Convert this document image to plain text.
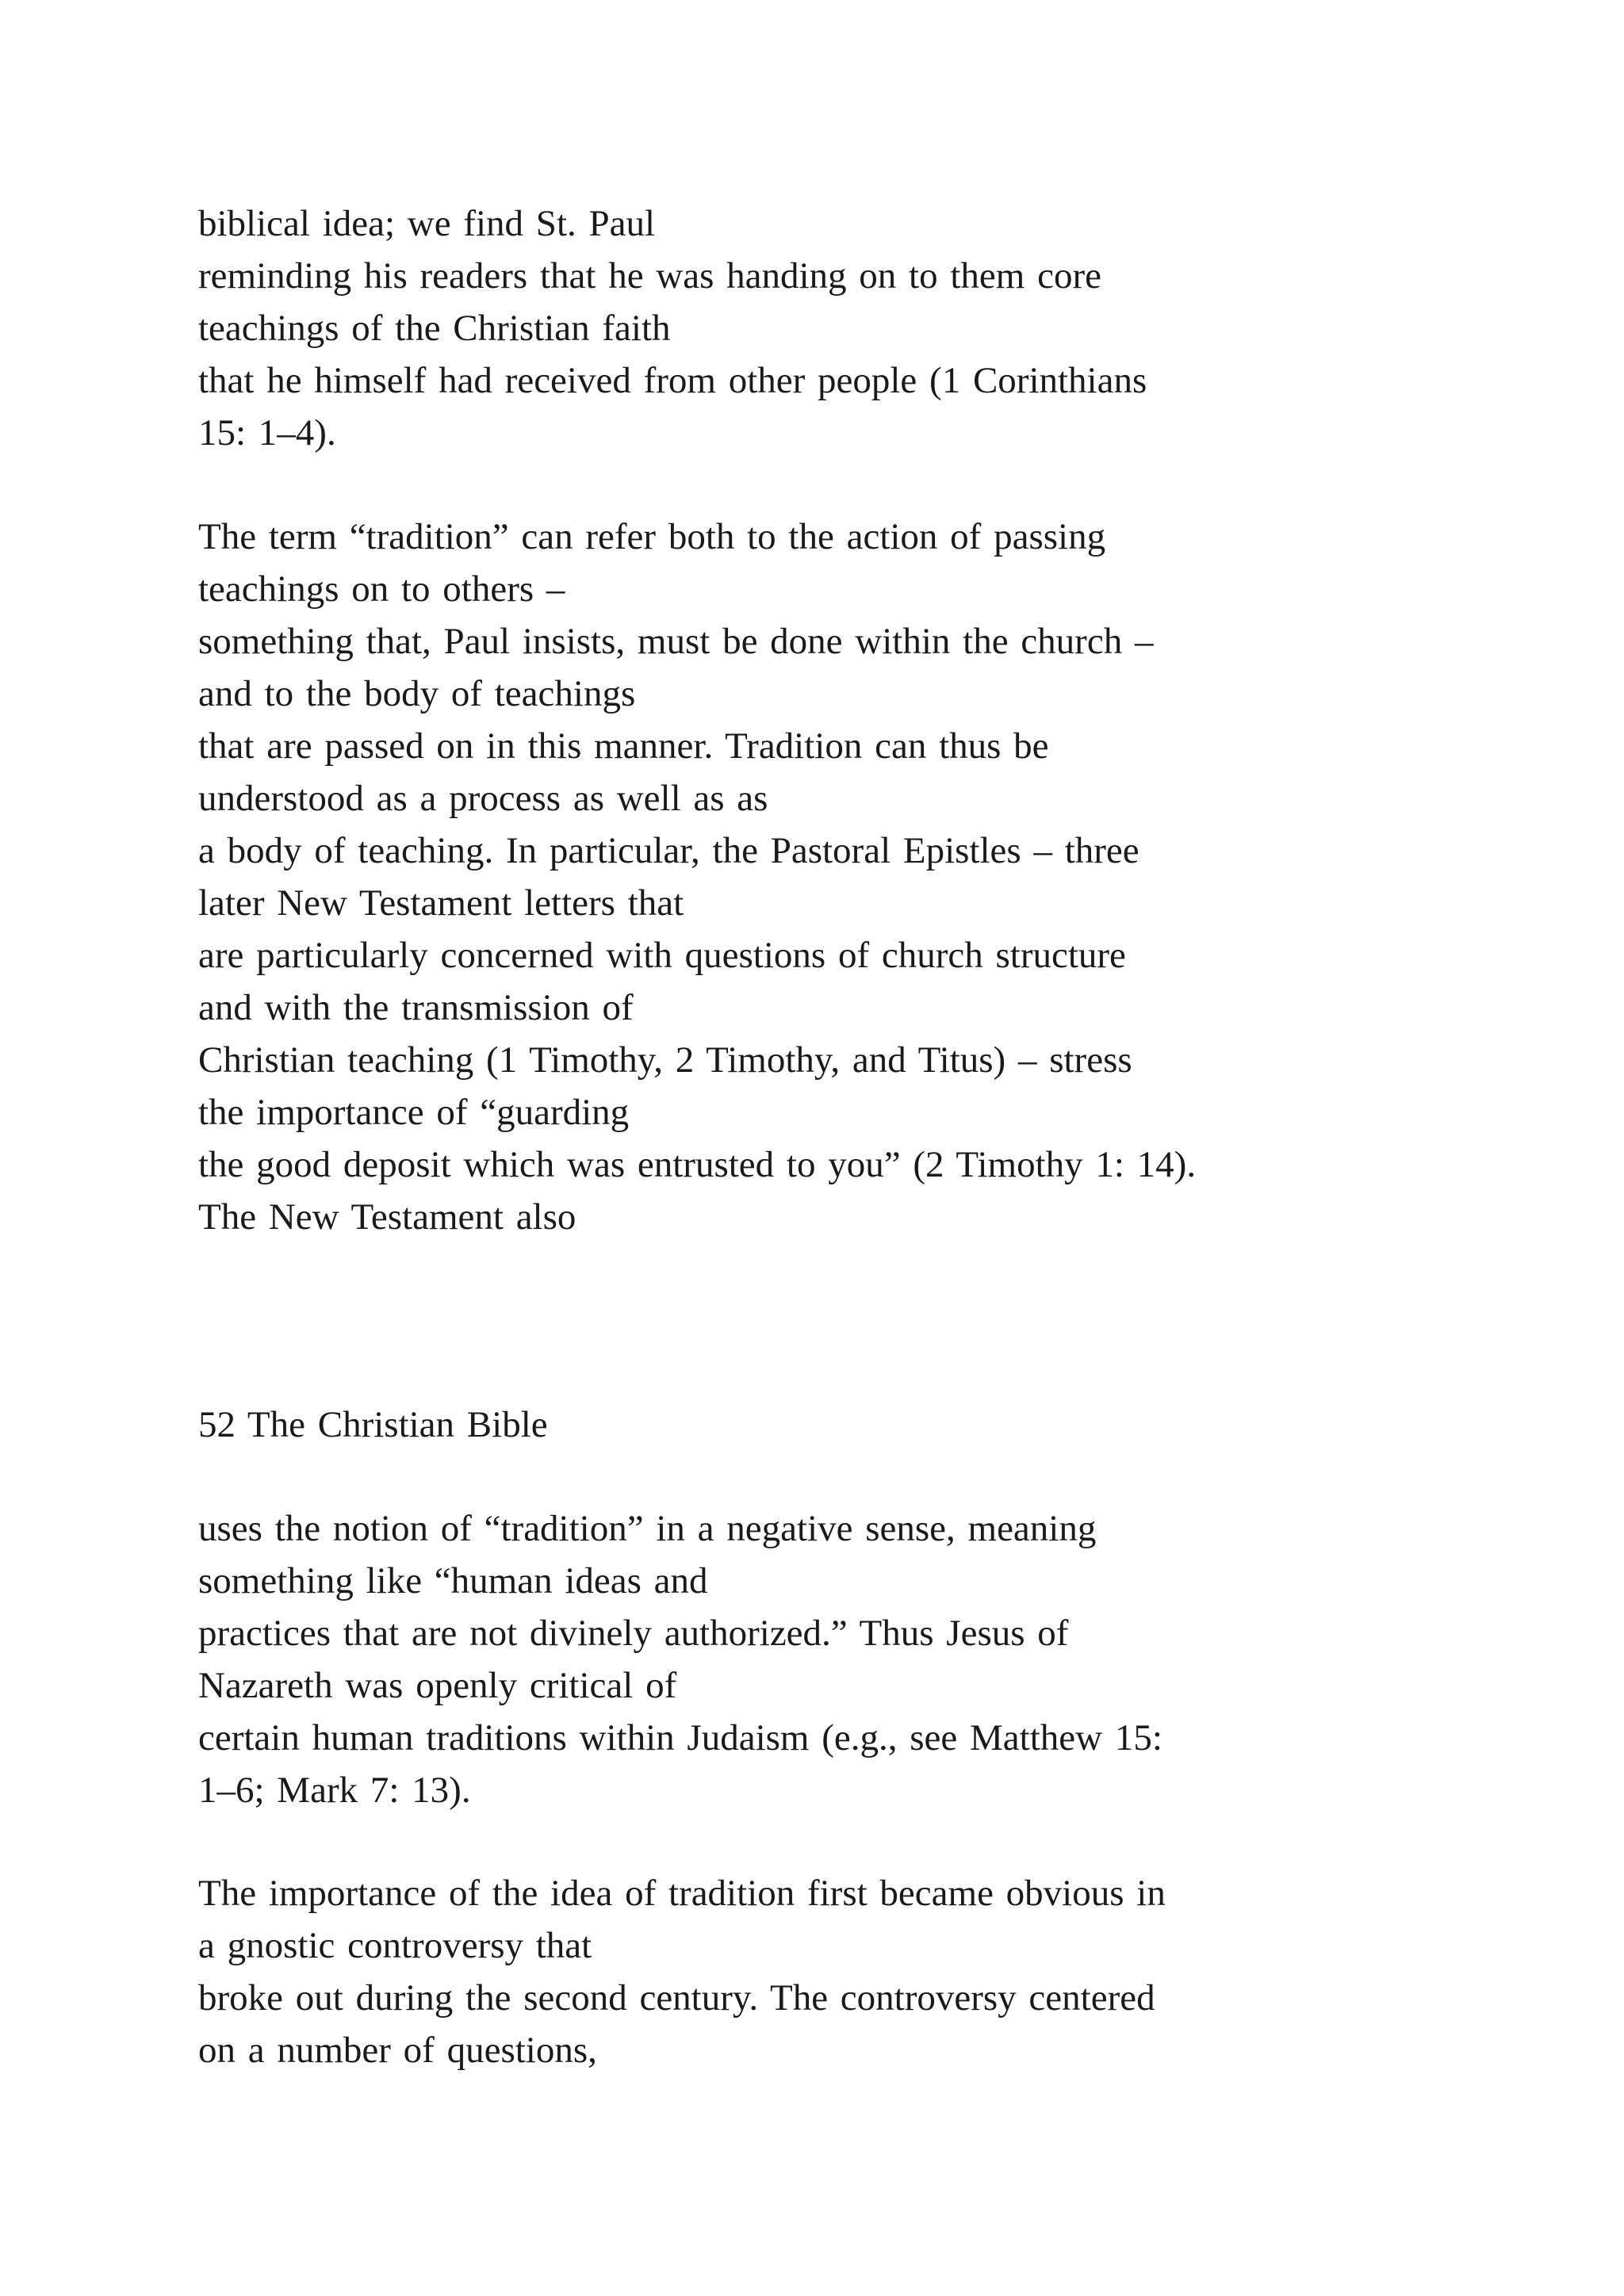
biblical idea; we find St. Paul
reminding his readers that he was handing on to them core
teachings of the Christian faith
that he himself had received from other people (1 Corinthians
15: 1–4).
The term “tradition” can refer both to the action of passing
teachings on to others –
something that, Paul insists, must be done within the church –
and to the body of teachings
that are passed on in this manner. Tradition can thus be
understood as a process as well as as
a body of teaching. In particular, the Pastoral Epistles – three
later New Testament letters that
are particularly concerned with questions of church structure
and with the transmission of
Christian teaching (1 Timothy, 2 Timothy, and Titus) – stress
the importance of “guarding
the good deposit which was entrusted to you” (2 Timothy 1: 14).
The New Testament also
52 The Christian Bible
uses the notion of “tradition” in a negative sense, meaning
something like “human ideas and
practices that are not divinely authorized.” Thus Jesus of
Nazareth was openly critical of
certain human traditions within Judaism (e.g., see Matthew 15:
1–6; Mark 7: 13).
The importance of the idea of tradition first became obvious in
a gnostic controversy that
broke out during the second century. The controversy centered
on a number of questions,
